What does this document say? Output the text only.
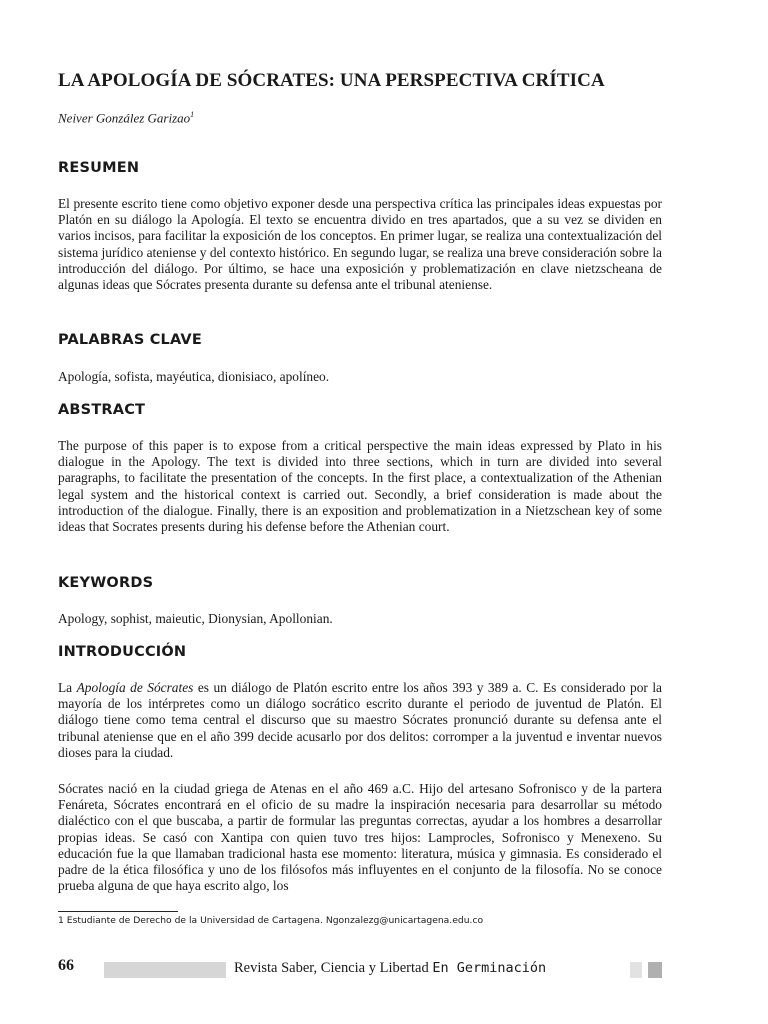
LA APOLOGÍA DE SÓCRATES: UNA PERSPECTIVA CRÍTICA

Neiver González Garizao$^1$

RESUMEN

El presente escrito tiene como objetivo exponer desde una perspectiva crítica las principales ideas expuestas por Platón en su diálogo la Apología. El texto se encuentra divido en tres apartados, que a su vez se dividen en varios incisos, para facilitar la exposición de los conceptos. En primer lugar, se realiza una contextualización del sistema jurídico ateniense y del contexto histórico. En segundo lugar, se realiza una breve consideración sobre la introducción del diálogo. Por último, se hace una exposición y problematización en clave nietzscheana de algunas ideas que Sócrates presenta durante su defensa ante el tribunal ateniense.

PALABRAS CLAVE

Apología, sofista, mayéutica, dionisiaco, apolíneo.

ABSTRACT

The purpose of this paper is to expose from a critical perspective the main ideas expressed by Plato in his dialogue in the Apology. The text is divided into three sections, which in turn are divided into several paragraphs, to facilitate the presentation of the concepts. In the first place, a contextualization of the Athenian legal system and the historical context is carried out. Secondly, a brief consideration is made about the introduction of the dialogue. Finally, there is an exposition and problematization in a Nietzschean key of some ideas that Socrates presents during his defense before the Athenian court.

KEYWORDS

Apology, sophist, maieutic, Dionysian, Apollonian.

INTRODUCCIÓN

La Apología de Sócrates es un diálogo de Platón escrito entre los años 393 y 389 a. C. Es considerado por la mayoría de los intérpretes como un diálogo socrático escrito durante el periodo de juventud de Platón. El diálogo tiene como tema central el discurso que su maestro Sócrates pronunció durante su defensa ante el tribunal ateniense que en el año 399 decide acusarlo por dos delitos: corromper a la juventud e inventar nuevos dioses para la ciudad.

Sócrates nació en la ciudad griega de Atenas en el año 469 a.C. Hijo del artesano Sofronisco y de la partera Fenáreta, Sócrates encontrará en el oficio de su madre la inspiración necesaria para desarrollar su método dialéctico con el que buscaba, a partir de formular las preguntas correctas, ayudar a los hombres a desarrollar propias ideas. Se casó con Xantipa con quien tuvo tres hijos: Lamprocles, Sofronisco y Menexeno. Su educación fue la que llamaban tradicional hasta ese momento: literatura, música y gimnasia. Es considerado el padre de la ética filosófica y uno de los filósofos más influyentes en el conjunto de la filosofía. No se conoce prueba alguna de que haya escrito algo, los

1 Estudiante de Derecho de la Universidad de Cartagena. Ngonzalezg@unicartagena.edu.co

66	Revista Saber, Ciencia y Libertad En Germinación
